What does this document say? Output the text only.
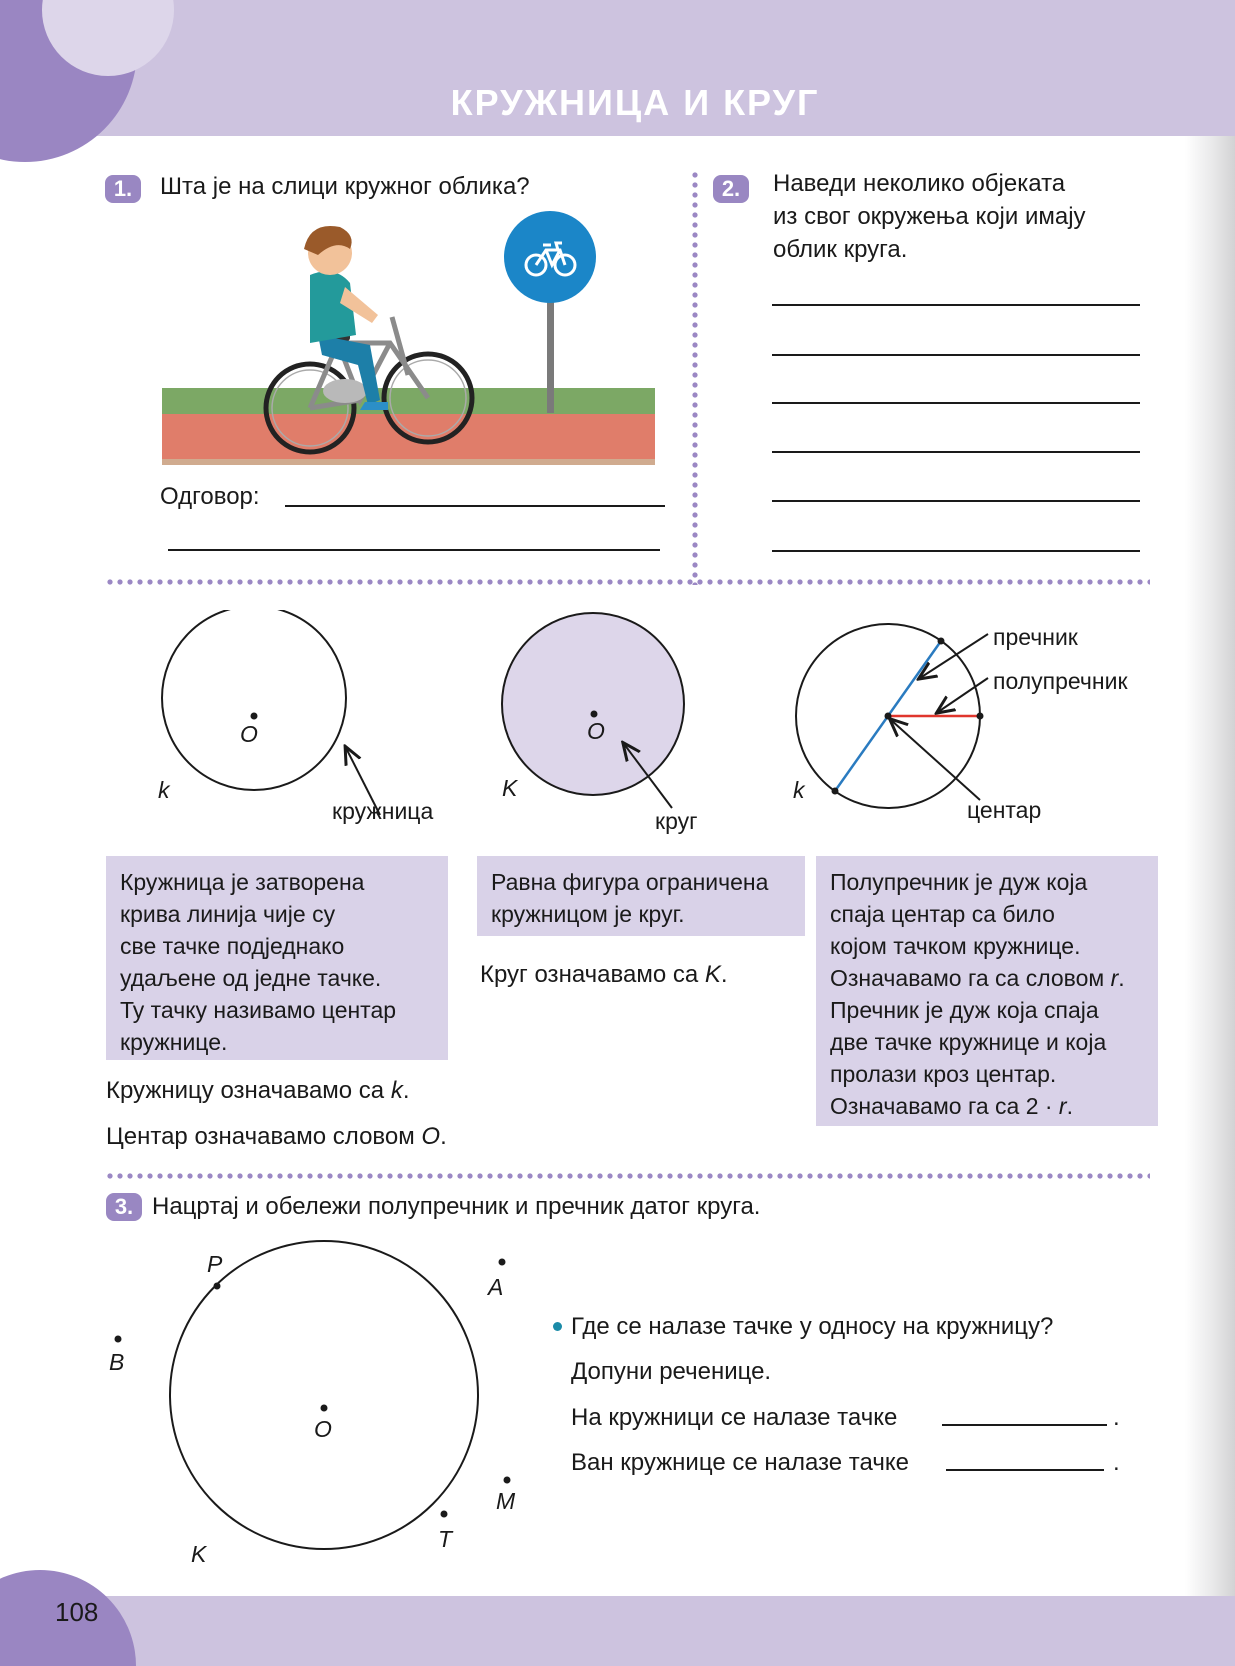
КРУЖНИЦА И КРУГ
1.	Шта је на слици кружног облика?
Одговор:
2.	Наведи неколико објеката
из свог окружења који имају
облик круга.
O
k
кружница
O
K
круг
k
пречник
полупречник
центар
Кружница је затворена
крива линија чије су
све тачке подједнако
удаљене од једне тачке.
Ту тачку називамо центар
кружнице.
Кружницу означавамо са k.
Центар означавамо словом O.
Равна фигура ограничена
кружницом је круг.
Круг означавамо са K.
Полупречник је дуж која
спаја центар са било
којом тачком кружнице.
Означавамо га са словом r.
Пречник је дуж која спаја
две тачке кружнице и која
пролази кроз центар.
Означавамо га са 2 · r.
3. Нацртај и обележи полупречник и пречник датог круга.
P
A
B
O
M
T
K
Где се налазе тачке у односу на кружницу?
Допуни реченице.
На кружници се налазе тачке	.
Ван кружнице се налазе тачке	.
108
